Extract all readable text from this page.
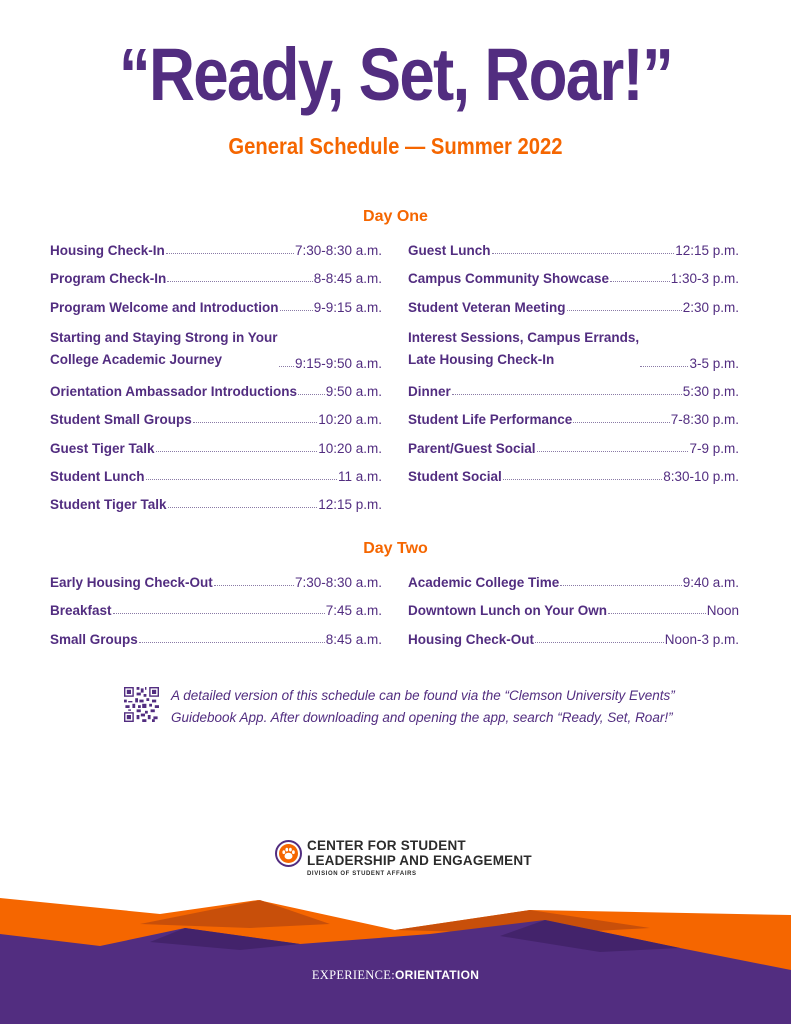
“Ready, Set, Roar!”
General Schedule — Summer 2022
Day One
Housing Check-In	7:30-8:30 a.m.
Program Check-In	8-8:45 a.m.
Program Welcome and Introduction	9-9:15 a.m.
Starting and Staying Strong in Your
College Academic Journey	9:15-9:50 a.m.
Orientation Ambassador Introductions 9:50 a.m.
Student Small Groups	10:20 a.m.
Guest Tiger Talk	10:20 a.m.
Student Lunch	11 a.m.
Student Tiger Talk	12:15 p.m.
Guest Lunch	12:15 p.m.
Campus Community Showcase	1:30-3 p.m.
Student Veteran Meeting	2:30 p.m.
Interest Sessions, Campus Errands,
Late Housing Check-In	3-5 p.m.
Dinner	5:30 p.m.
Student Life Performance	7-8:30 p.m.
Parent/Guest Social	7-9 p.m.
Student Social	8:30-10 p.m.
Day Two
Early Housing Check-Out	7:30-8:30 a.m.
Breakfast	7:45 a.m.
Small Groups	8:45 a.m.
Academic College Time	9:40 a.m.
Downtown Lunch on Your Own	Noon
Housing Check-Out	Noon-3 p.m.
A detailed version of this schedule can be found via the “Clemson University Events”
Guidebook App. After downloading and opening the app, search “Ready, Set, Roar!”
CENTER FOR STUDENT
LEADERSHIP AND ENGAGEMENT
DIVISION OF STUDENT AFFAIRS
EXPERIENCE:ORIENTATION
